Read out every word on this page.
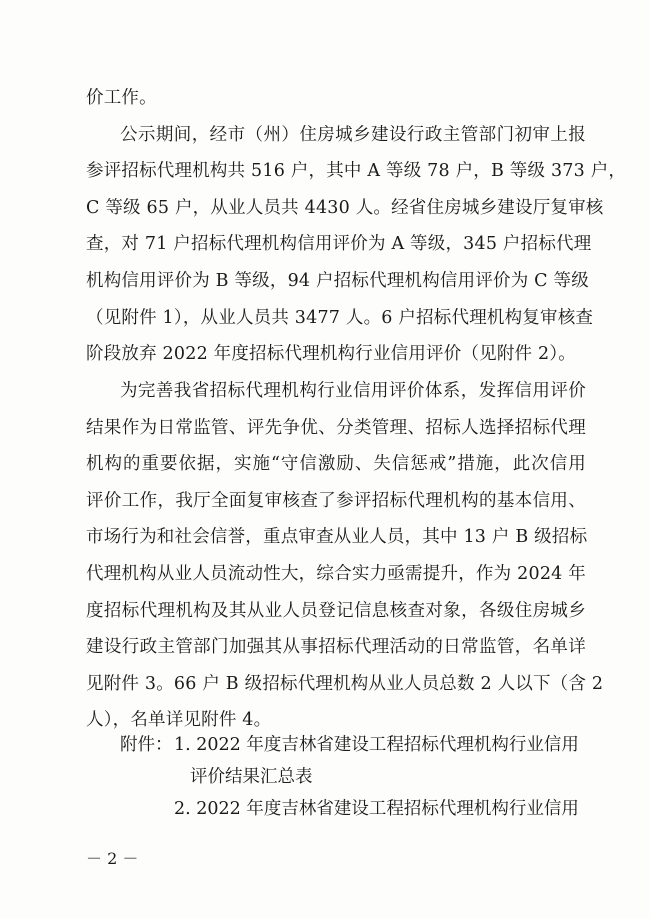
价工作。
公示期间，经市（州）住房城乡建设行政主管部门初审上报
参评招标代理机构共 516 户，其中 A 等级 78 户，B 等级 373 户，
C 等级 65 户，从业人员共 4430 人。经省住房城乡建设厅复审核
查，对 71 户招标代理机构信用评价为 A 等级，345 户招标代理
机构信用评价为 B 等级，94 户招标代理机构信用评价为 C 等级
（见附件 1），从业人员共 3477 人。6 户招标代理机构复审核查
阶段放弃 2022 年度招标代理机构行业信用评价（见附件 2）。
为完善我省招标代理机构行业信用评价体系，发挥信用评价
结果作为日常监管、评先争优、分类管理、招标人选择招标代理
机构的重要依据，实施“守信激励、失信惩戒”措施，此次信用
评价工作，我厅全面复审核查了参评招标代理机构的基本信用、
市场行为和社会信誉，重点审查从业人员，其中 13 户 B 级招标
代理机构从业人员流动性大，综合实力亟需提升，作为 2024 年
度招标代理机构及其从业人员登记信息核查对象，各级住房城乡
建设行政主管部门加强其从事招标代理活动的日常监管，名单详
见附件 3。66 户 B 级招标代理机构从业人员总数 2 人以下（含 2
人），名单详见附件 4。
附件： 1. 2022 年度吉林省建设工程招标代理机构行业信用
评价结果汇总表
2. 2022 年度吉林省建设工程招标代理机构行业信用
－ 2 －
